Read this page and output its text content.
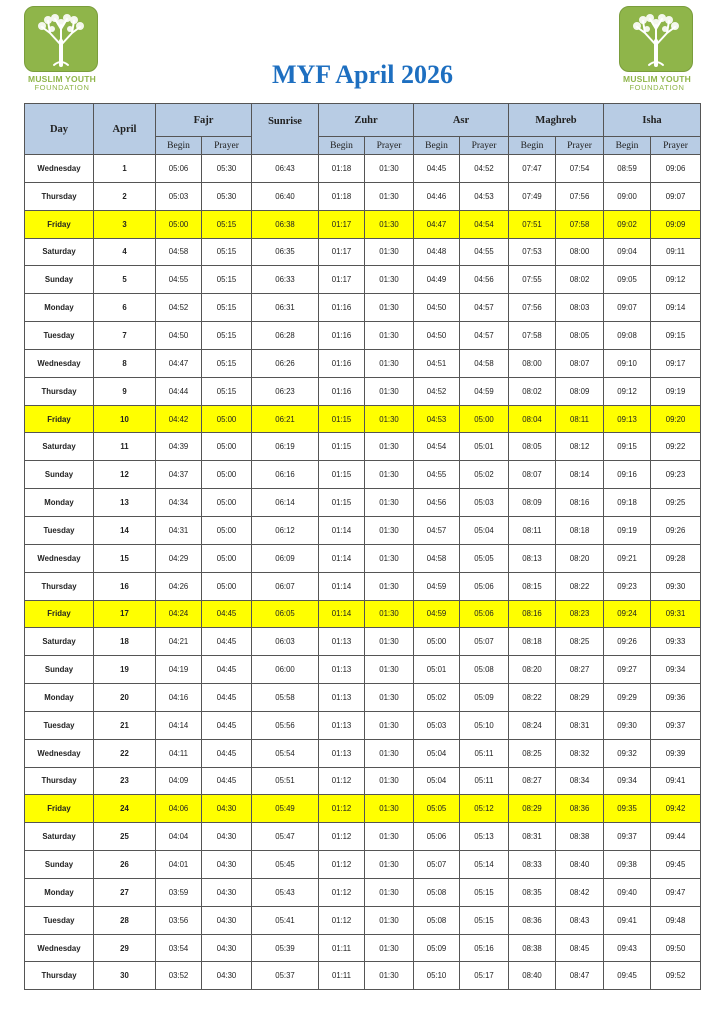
MUSLIM YOUTH
FOUNDATION
MUSLIM YOUTH
FOUNDATION
MYF April 2026
Day	April	Fajr		Sunrise	Zuhr		Asr		Maghreb		Isha	
		Begin	Prayer		Begin	Prayer	Begin	Prayer	Begin	Prayer	Begin	Prayer
Wednesday	1	05:06	05:30	06:43	01:18	01:30	04:45	04:52	07:47	07:54	08:59	09:06
Thursday	2	05:03	05:30	06:40	01:18	01:30	04:46	04:53	07:49	07:56	09:00	09:07
Friday	3	05:00	05:15	06:38	01:17	01:30	04:47	04:54	07:51	07:58	09:02	09:09
Saturday	4	04:58	05:15	06:35	01:17	01:30	04:48	04:55	07:53	08:00	09:04	09:11
Sunday	5	04:55	05:15	06:33	01:17	01:30	04:49	04:56	07:55	08:02	09:05	09:12
Monday	6	04:52	05:15	06:31	01:16	01:30	04:50	04:57	07:56	08:03	09:07	09:14
Tuesday	7	04:50	05:15	06:28	01:16	01:30	04:50	04:57	07:58	08:05	09:08	09:15
Wednesday	8	04:47	05:15	06:26	01:16	01:30	04:51	04:58	08:00	08:07	09:10	09:17
Thursday	9	04:44	05:15	06:23	01:16	01:30	04:52	04:59	08:02	08:09	09:12	09:19
Friday	10	04:42	05:00	06:21	01:15	01:30	04:53	05:00	08:04	08:11	09:13	09:20
Saturday	11	04:39	05:00	06:19	01:15	01:30	04:54	05:01	08:05	08:12	09:15	09:22
Sunday	12	04:37	05:00	06:16	01:15	01:30	04:55	05:02	08:07	08:14	09:16	09:23
Monday	13	04:34	05:00	06:14	01:15	01:30	04:56	05:03	08:09	08:16	09:18	09:25
Tuesday	14	04:31	05:00	06:12	01:14	01:30	04:57	05:04	08:11	08:18	09:19	09:26
Wednesday	15	04:29	05:00	06:09	01:14	01:30	04:58	05:05	08:13	08:20	09:21	09:28
Thursday	16	04:26	05:00	06:07	01:14	01:30	04:59	05:06	08:15	08:22	09:23	09:30
Friday	17	04:24	04:45	06:05	01:14	01:30	04:59	05:06	08:16	08:23	09:24	09:31
Saturday	18	04:21	04:45	06:03	01:13	01:30	05:00	05:07	08:18	08:25	09:26	09:33
Sunday	19	04:19	04:45	06:00	01:13	01:30	05:01	05:08	08:20	08:27	09:27	09:34
Monday	20	04:16	04:45	05:58	01:13	01:30	05:02	05:09	08:22	08:29	09:29	09:36
Tuesday	21	04:14	04:45	05:56	01:13	01:30	05:03	05:10	08:24	08:31	09:30	09:37
Wednesday	22	04:11	04:45	05:54	01:13	01:30	05:04	05:11	08:25	08:32	09:32	09:39
Thursday	23	04:09	04:45	05:51	01:12	01:30	05:04	05:11	08:27	08:34	09:34	09:41
Friday	24	04:06	04:30	05:49	01:12	01:30	05:05	05:12	08:29	08:36	09:35	09:42
Saturday	25	04:04	04:30	05:47	01:12	01:30	05:06	05:13	08:31	08:38	09:37	09:44
Sunday	26	04:01	04:30	05:45	01:12	01:30	05:07	05:14	08:33	08:40	09:38	09:45
Monday	27	03:59	04:30	05:43	01:12	01:30	05:08	05:15	08:35	08:42	09:40	09:47
Tuesday	28	03:56	04:30	05:41	01:12	01:30	05:08	05:15	08:36	08:43	09:41	09:48
Wednesday	29	03:54	04:30	05:39	01:11	01:30	05:09	05:16	08:38	08:45	09:43	09:50
Thursday	30	03:52	04:30	05:37	01:11	01:30	05:10	05:17	08:40	08:47	09:45	09:52
